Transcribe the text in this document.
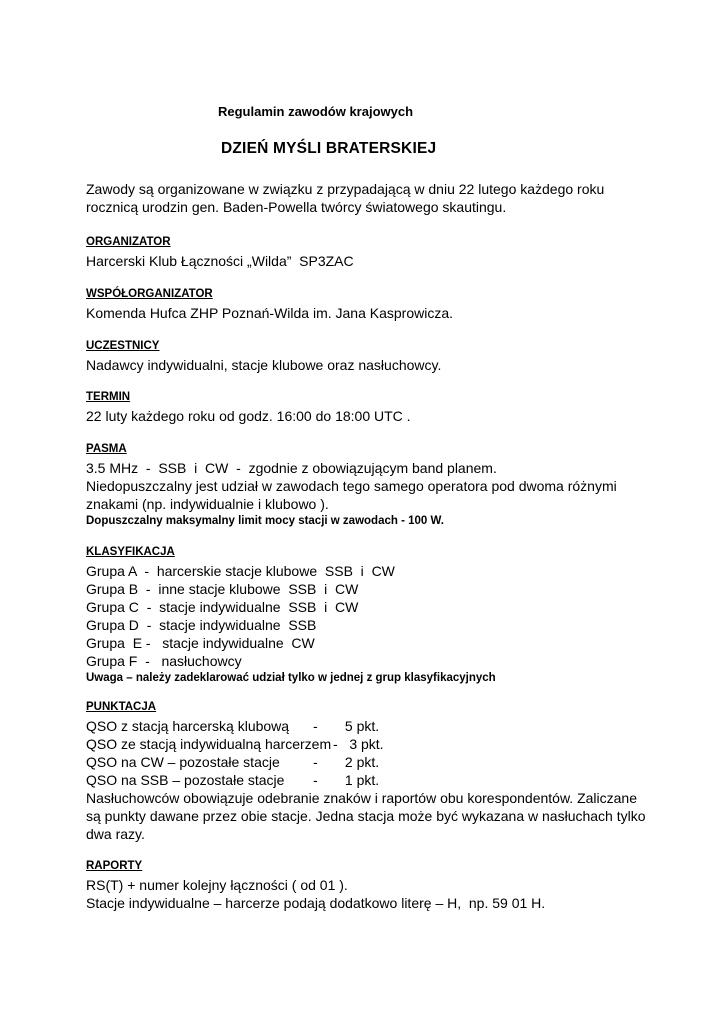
Regulamin zawodów krajowych
DZIEŃ MYŚLI BRATERSKIEJ
Zawody są organizowane w związku z przypadającą w dniu 22 lutego każdego roku rocznicą urodzin gen. Baden-Powella twórcy światowego skautingu.
ORGANIZATOR
Harcerski Klub Łączności „Wilda”  SP3ZAC
WSPÓŁORGANIZATOR
Komenda Hufca ZHP Poznań-Wilda im. Jana Kasprowicza.
UCZESTNICY
Nadawcy indywidualni, stacje klubowe oraz nasłuchowcy.
TERMIN
22 luty każdego roku od godz. 16:00 do 18:00 UTC .
PASMA
3.5 MHz  -  SSB  i  CW  -  zgodnie z obowiązującym band planem.
Niedopuszczalny jest udział w zawodach tego samego operatora pod dwoma różnymi znakami (np. indywidualnie i klubowo ).
Dopuszczalny maksymalny limit mocy stacji w zawodach - 100 W.
KLASYFIKACJA
Grupa A  -  harcerskie stacje klubowe  SSB  i  CW
Grupa B  -  inne stacje klubowe  SSB  i  CW
Grupa C  -  stacje indywidualne  SSB  i  CW
Grupa D  -  stacje indywidualne  SSB
Grupa  E -   stacje indywidualne  CW
Grupa F  -   nasłuchowcy
Uwaga – należy zadeklarować udział tylko w jednej z grup klasyfikacyjnych
PUNKTACJA
QSO z stacją harcerską klubową	-       5 pkt.
QSO ze stacją indywidualną harcerzem -   3 pkt.
QSO na CW – pozostałe stacje	-       2 pkt.
QSO na SSB – pozostałe stacje	-       1 pkt.
Nasłuchowców obowiązuje odebranie znaków i raportów obu korespondentów. Zaliczane są punkty dawane przez obie stacje. Jedna stacja może być wykazana w nasłuchach tylko dwa razy.
RAPORTY
RS(T) + numer kolejny łączności ( od 01 ).
Stacje indywidualne – harcerze podają dodatkowo literę – H,  np. 59 01 H.
